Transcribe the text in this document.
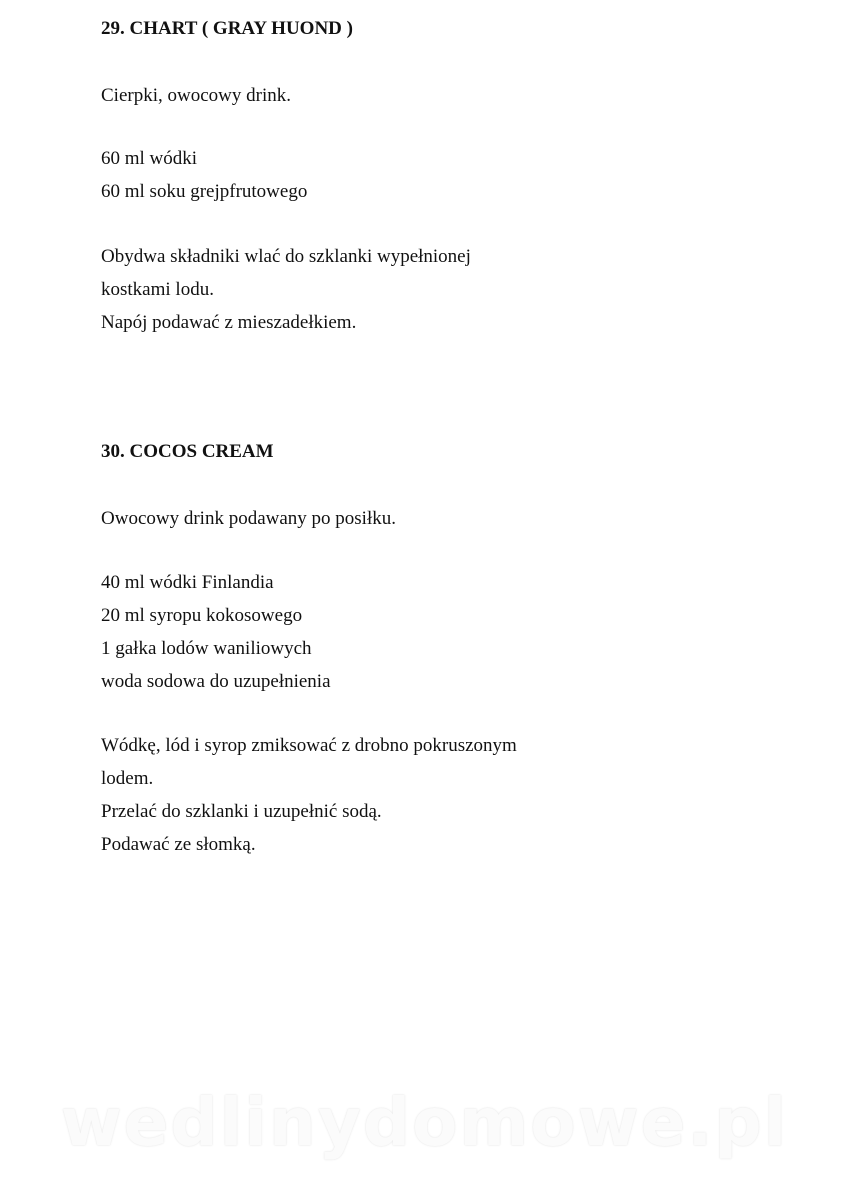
29. CHART ( GRAY HUOND )
Cierpki, owocowy drink.
60 ml wódki
60 ml soku grejpfrutowego
Obydwa składniki wlać do szklanki wypełnionej
kostkami lodu.
Napój podawać z mieszadełkiem.
30. COCOS CREAM
Owocowy drink podawany po posiłku.
40 ml wódki Finlandia
20 ml syropu kokosowego
1 gałka lodów waniliowych
woda sodowa do uzupełnienia
Wódkę, lód i syrop zmiksować z drobno pokruszonym
lodem.
Przelać do szklanki i uzupełnić sodą.
Podawać ze słomką.
wedlinydomowe.pl
